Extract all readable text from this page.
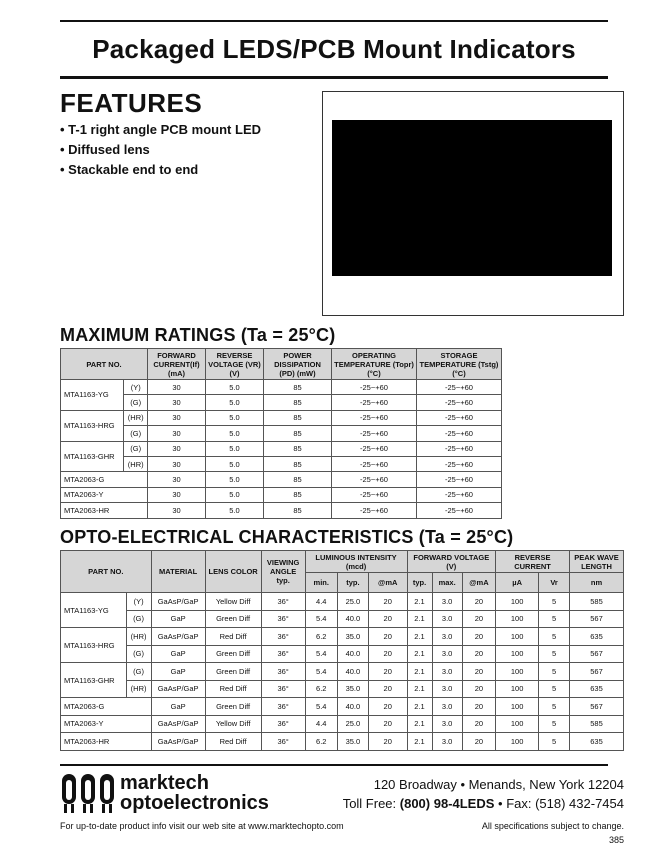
Packaged LEDS/PCB Mount Indicators
FEATURES
• T-1 right angle PCB mount LED
• Diffused lens
• Stackable end to end
MAXIMUM RATINGS (Ta = 25°C)
PART NO.		FORWARD CURRENT(If) (mA)	REVERSE VOLTAGE (VR) (V)	POWER DISSIPATION (PD) (mW)	OPERATING TEMPERATURE (Topr) (°C)	STORAGE TEMPERATURE (Tstg) (°C)
MTA1163-YG	(Y)	30	5.0	85	-25~+60	-25~+60
	(G)	30	5.0	85	-25~+60	-25~+60
MTA1163-HRG	(HR)	30	5.0	85	-25~+60	-25~+60
	(G)	30	5.0	85	-25~+60	-25~+60
MTA1163-GHR	(G)	30	5.0	85	-25~+60	-25~+60
	(HR)	30	5.0	85	-25~+60	-25~+60
MTA2063-G		30	5.0	85	-25~+60	-25~+60
MTA2063-Y		30	5.0	85	-25~+60	-25~+60
MTA2063-HR		30	5.0	85	-25~+60	-25~+60
OPTO-ELECTRICAL CHARACTERISTICS (Ta = 25°C)
PART NO.		MATERIAL	LENS COLOR	VIEWING ANGLE typ.	LUMINOUS INTENSITY (mcd)			FORWARD VOLTAGE (V)			REVERSE CURRENT		PEAK WAVE LENGTH
					min.	typ.	@mA	typ.	max.	@mA	µA	Vr	nm
MTA1163-YG	(Y)	GaAsP/GaP	Yellow Diff	36°	4.4	25.0	20	2.1	3.0	20	100	5	585
	(G)	GaP	Green Diff	36°	5.4	40.0	20	2.1	3.0	20	100	5	567
MTA1163-HRG	(HR)	GaAsP/GaP	Red Diff	36°	6.2	35.0	20	2.1	3.0	20	100	5	635
	(G)	GaP	Green Diff	36°	5.4	40.0	20	2.1	3.0	20	100	5	567
MTA1163-GHR	(G)	GaP	Green Diff	36°	5.4	40.0	20	2.1	3.0	20	100	5	567
	(HR)	GaAsP/GaP	Red Diff	36°	6.2	35.0	20	2.1	3.0	20	100	5	635
MTA2063-G		GaP	Green Diff	36°	5.4	40.0	20	2.1	3.0	20	100	5	567
MTA2063-Y		GaAsP/GaP	Yellow Diff	36°	4.4	25.0	20	2.1	3.0	20	100	5	585
MTA2063-HR		GaAsP/GaP	Red Diff	36°	6.2	35.0	20	2.1	3.0	20	100	5	635
marktech
optoelectronics
120 Broadway • Menands, New York 12204
Toll Free: (800) 98-4LEDS • Fax: (518) 432-7454
For up-to-date product info visit our web site at www.marktechopto.com	All specifications subject to change.
385
